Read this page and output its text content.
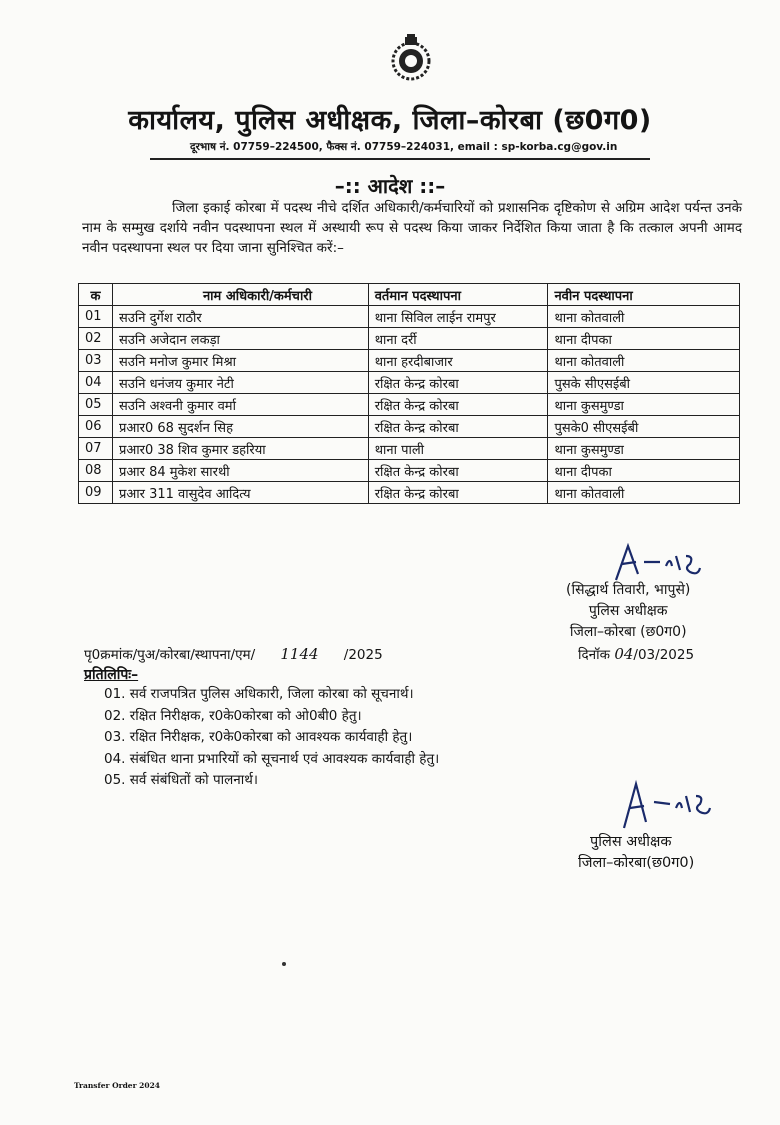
कार्यालय, पुलिस अधीक्षक, जिला–कोरबा (छ0ग0)
दूरभाष नं. 07759–224500, फैक्स नं. 07759–224031, email : sp-korba.cg@gov.in
–:: आदेश ::–
जिला इकाई कोरबा में पदस्थ नीचे दर्शित अधिकारी/कर्मचारियों को प्रशासनिक दृष्टिकोण से अग्रिम आदेश पर्यन्त उनके नाम के सम्मुख दर्शाये नवीन पदस्थापना स्थल में अस्थायी रूप से पदस्थ किया जाकर निर्देशित किया जाता है कि तत्काल अपनी आमद नवीन पदस्थापना स्थल पर दिया जाना सुनिश्चित करें:–
क	नाम अधिकारी/कर्मचारी	वर्तमान पदस्थापना	नवीन पदस्थापना
01	सउनि दुर्गेश राठौर	थाना सिविल लाईन रामपुर	थाना कोतवाली
02	सउनि अजेदान लकड़ा	थाना दर्री	थाना दीपका
03	सउनि मनोज कुमार मिश्रा	थाना हरदीबाजार	थाना कोतवाली
04	सउनि धनंजय कुमार नेटी	रक्षित केन्द्र कोरबा	पुसके सीएसईबी
05	सउनि अश्वनी कुमार वर्मा	रक्षित केन्द्र कोरबा	थाना कुसमुण्डा
06	प्रआर0 68 सुदर्शन सिह	रक्षित केन्द्र कोरबा	पुसके0 सीएसईबी
07	प्रआर0 38 शिव कुमार डहरिया	थाना पाली	थाना कुसमुण्डा
08	प्रआर 84 मुकेश सारथी	रक्षित केन्द्र कोरबा	थाना दीपका
09	प्रआर 311 वासुदेव आदित्य	रक्षित केन्द्र कोरबा	थाना कोतवाली
(सिद्धार्थ तिवारी, भापुसे)
पुलिस अधीक्षक
जिला–कोरबा (छ0ग0)
पृ0क्रमांक/पुअ/कोरबा/स्थापना/एम/ 1144 /2025	दिनॉक 04/03/2025
प्रतिलिपिः–
01. सर्व राजपत्रित पुलिस अधिकारी, जिला कोरबा को सूचनार्थ।
02. रक्षित निरीक्षक, र0के0कोरबा को ओ0बी0 हेतु।
03. रक्षित निरीक्षक, र0के0कोरबा को आवश्यक कार्यवाही हेतु।
04. संबंधित थाना प्रभारियों को सूचनार्थ एवं आवश्यक कार्यवाही हेतु।
05. सर्व संबंधितों को पालनार्थ।
पुलिस अधीक्षक
जिला–कोरबा(छ0ग0)
Transfer Order 2024
